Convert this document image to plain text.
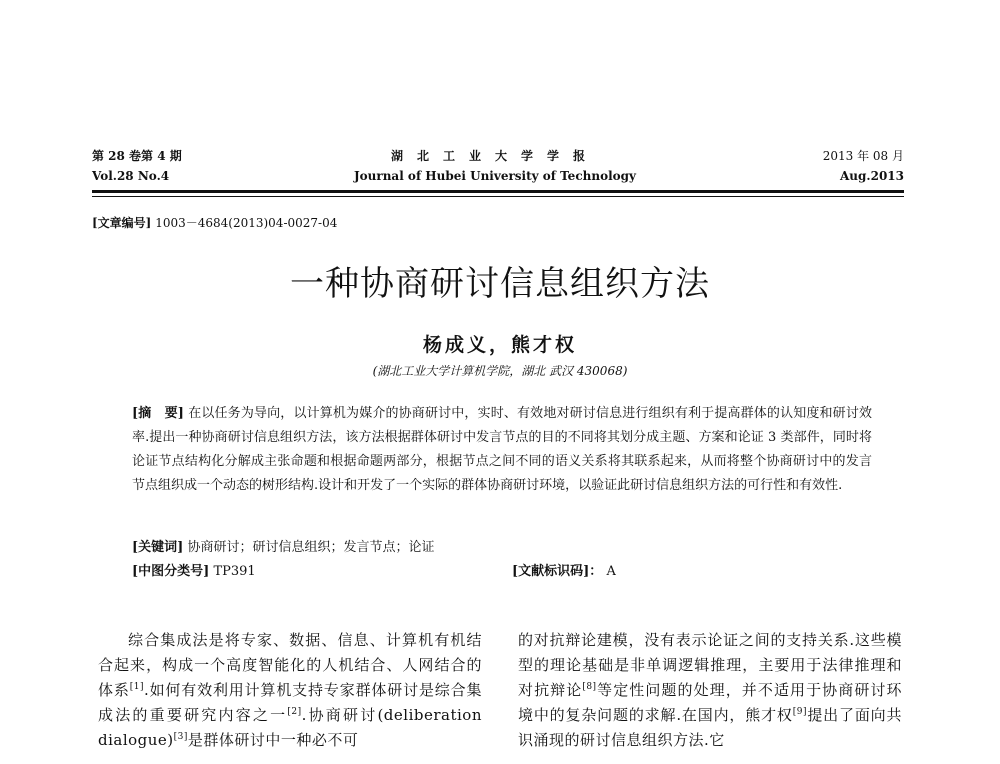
第 28 卷第 4 期
Vol.28 No.4
湖北工业大学学报
Journal of Hubei University of Technology
2013 年 08 月
Aug.2013
[文章编号] 1003－4684(2013)04-0027-04
一种协商研讨信息组织方法
杨成义，熊才权
(湖北工业大学计算机学院，湖北 武汉 430068)
[摘　要] 在以任务为导向，以计算机为媒介的协商研讨中，实时、有效地对研讨信息进行组织有利于提高群体的认知度和研讨效率.提出一种协商研讨信息组织方法，该方法根据群体研讨中发言节点的目的不同将其划分成主题、方案和论证 3 类部件，同时将论证节点结构化分解成主张命题和根据命题两部分，根据节点之间不同的语义关系将其联系起来，从而将整个协商研讨中的发言节点组织成一个动态的树形结构.设计和开发了一个实际的群体协商研讨环境，以验证此研讨信息组织方法的可行性和有效性.
[关键词] 协商研讨；研讨信息组织；发言节点；论证
[中图分类号] TP391	[文献标识码]： A
综合集成法是将专家、数据、信息、计算机有机结合起来，构成一个高度智能化的人机结合、人网结合的体系[1].如何有效利用计算机支持专家群体研讨是综合集成法的重要研究内容之一[2].协商研讨(deliberation dialogue)[3]是群体研讨中一种必不可
的对抗辩论建模，没有表示论证之间的支持关系.这些模型的理论基础是非单调逻辑推理，主要用于法律推理和对抗辩论[8]等定性问题的处理，并不适用于协商研讨环境中的复杂问题的求解.在国内，熊才权[9]提出了面向共识涌现的研讨信息组织方法.它
